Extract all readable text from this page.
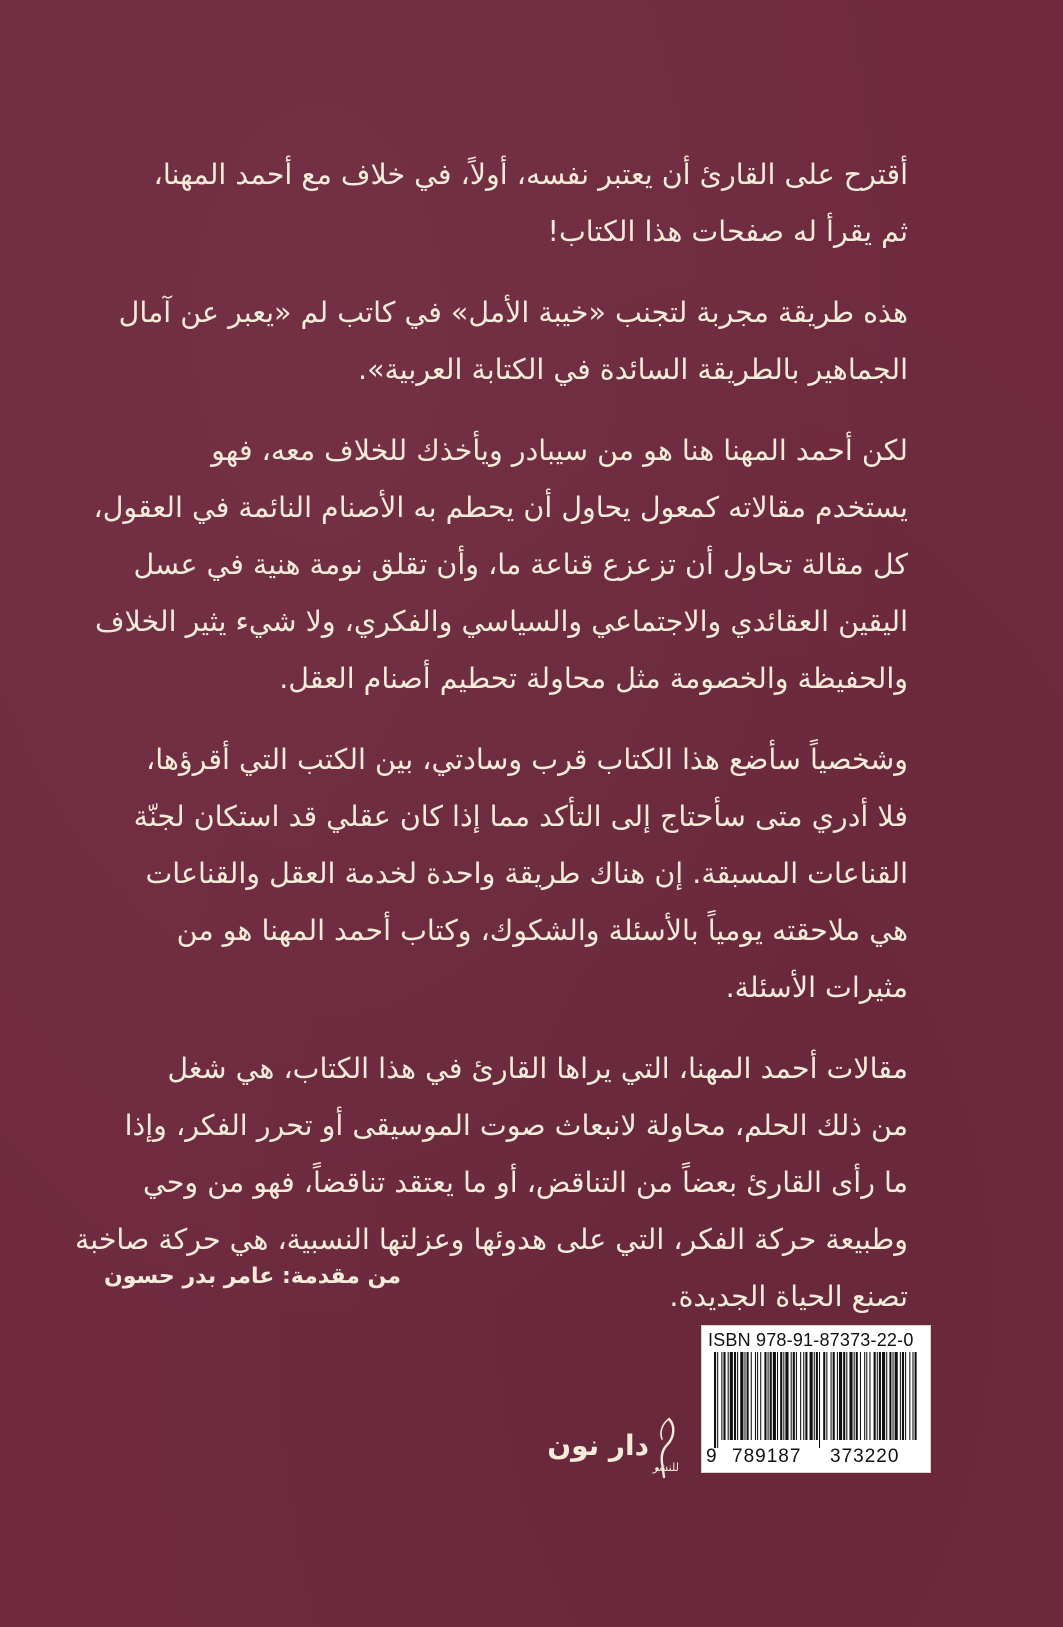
أقترح على القارئ أن يعتبر نفسه، أولاً، في خلاف مع أحمد المهنا،
ثم يقرأ له صفحات هذا الكتاب!

هذه طريقة مجربة لتجنب «خيبة الأمل» في كاتب لم «يعبر عن آمال
الجماهير بالطريقة السائدة في الكتابة العربية».

لكن أحمد المهنا هنا هو من سيبادر ويأخذك للخلاف معه، فهو
يستخدم مقالاته كمعول يحاول أن يحطم به الأصنام النائمة في العقول،
كل مقالة تحاول أن تزعزع قناعة ما، وأن تقلق نومة هنية في عسل
اليقين العقائدي والاجتماعي والسياسي والفكري، ولا شيء يثير الخلاف
والحفيظة والخصومة مثل محاولة تحطيم أصنام العقل.

وشخصياً سأضع هذا الكتاب قرب وسادتي، بين الكتب التي أقرؤها،
فلا أدري متى سأحتاج إلى التأكد مما إذا كان عقلي قد استكان لجنّة
القناعات المسبقة. إن هناك طريقة واحدة لخدمة العقل والقناعات
هي ملاحقته يومياً بالأسئلة والشكوك، وكتاب أحمد المهنا هو من
مثيرات الأسئلة.

مقالات أحمد المهنا، التي يراها القارئ في هذا الكتاب، هي شغل
من ذلك الحلم، محاولة لانبعاث صوت الموسيقى أو تحرر الفكر، وإذا
ما رأى القارئ بعضاً من التناقض، أو ما يعتقد تناقضاً، فهو من وحي
وطبيعة حركة الفكر، التي على هدوئها وعزلتها النسبية، هي حركة صاخبة
تصنع الحياة الجديدة.

من مقدمة: عامر بدر حسون
دار نون
للنشر
ISBN 978-91-87373-22-0
9 789187 373220
